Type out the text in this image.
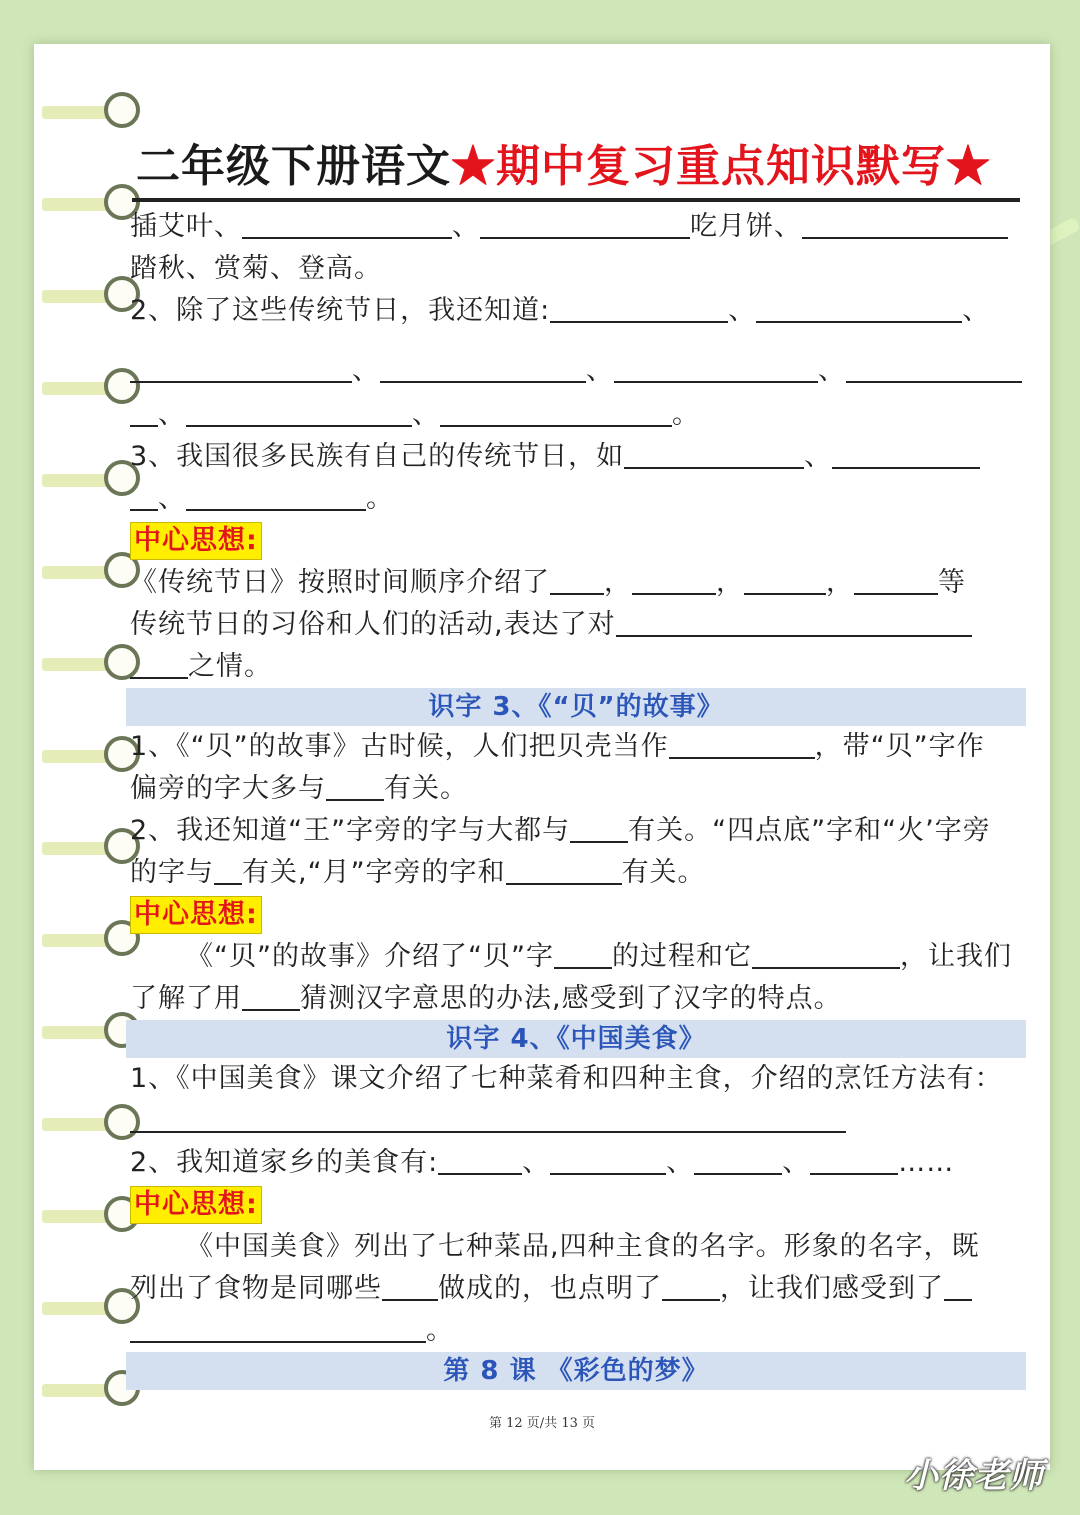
第 12 页/共 13 页
二年级下册语文★期中复习重点知识默写★
插艾叶、	、	吃月饼、
踏秋、赏菊、登高。
2、除了这些传统节日，我还知道:	、	、
、	、	、
、	、	。
3、我国很多民族有自己的传统节日，如	、
、	。
中心思想:
《传统节日》按照时间顺序介绍了 ，	，	，	等
传统节日的习俗和人们的活动,表达了对
之情。
识字 3、《“贝”的故事》
1、《“贝”的故事》古时候，人们把贝壳当作	，带“贝”字作
偏旁的字大多与 有关。
2、我还知道“王”字旁的字与大都与 有关。“四点底”字和“火’字旁
的字与 有关,“月”字旁的字和	有关。
中心思想:
《“贝”的故事》介绍了“贝”字 的过程和它	，让我们
了解了用 猜测汉字意思的办法,感受到了汉字的特点。
识字 4、《中国美食》
1、《中国美食》课文介绍了七种菜肴和四种主食，介绍的烹饪方法有：
2、我知道家乡的美食有:	、	、	、	……
中心思想:
《中国美食》列出了七种菜品,四种主食的名字。形象的名字，既
列出了食物是同哪些 做成的，也点明了 ，让我们感受到了
。
第 8 课 《彩色的梦》
小徐老师
